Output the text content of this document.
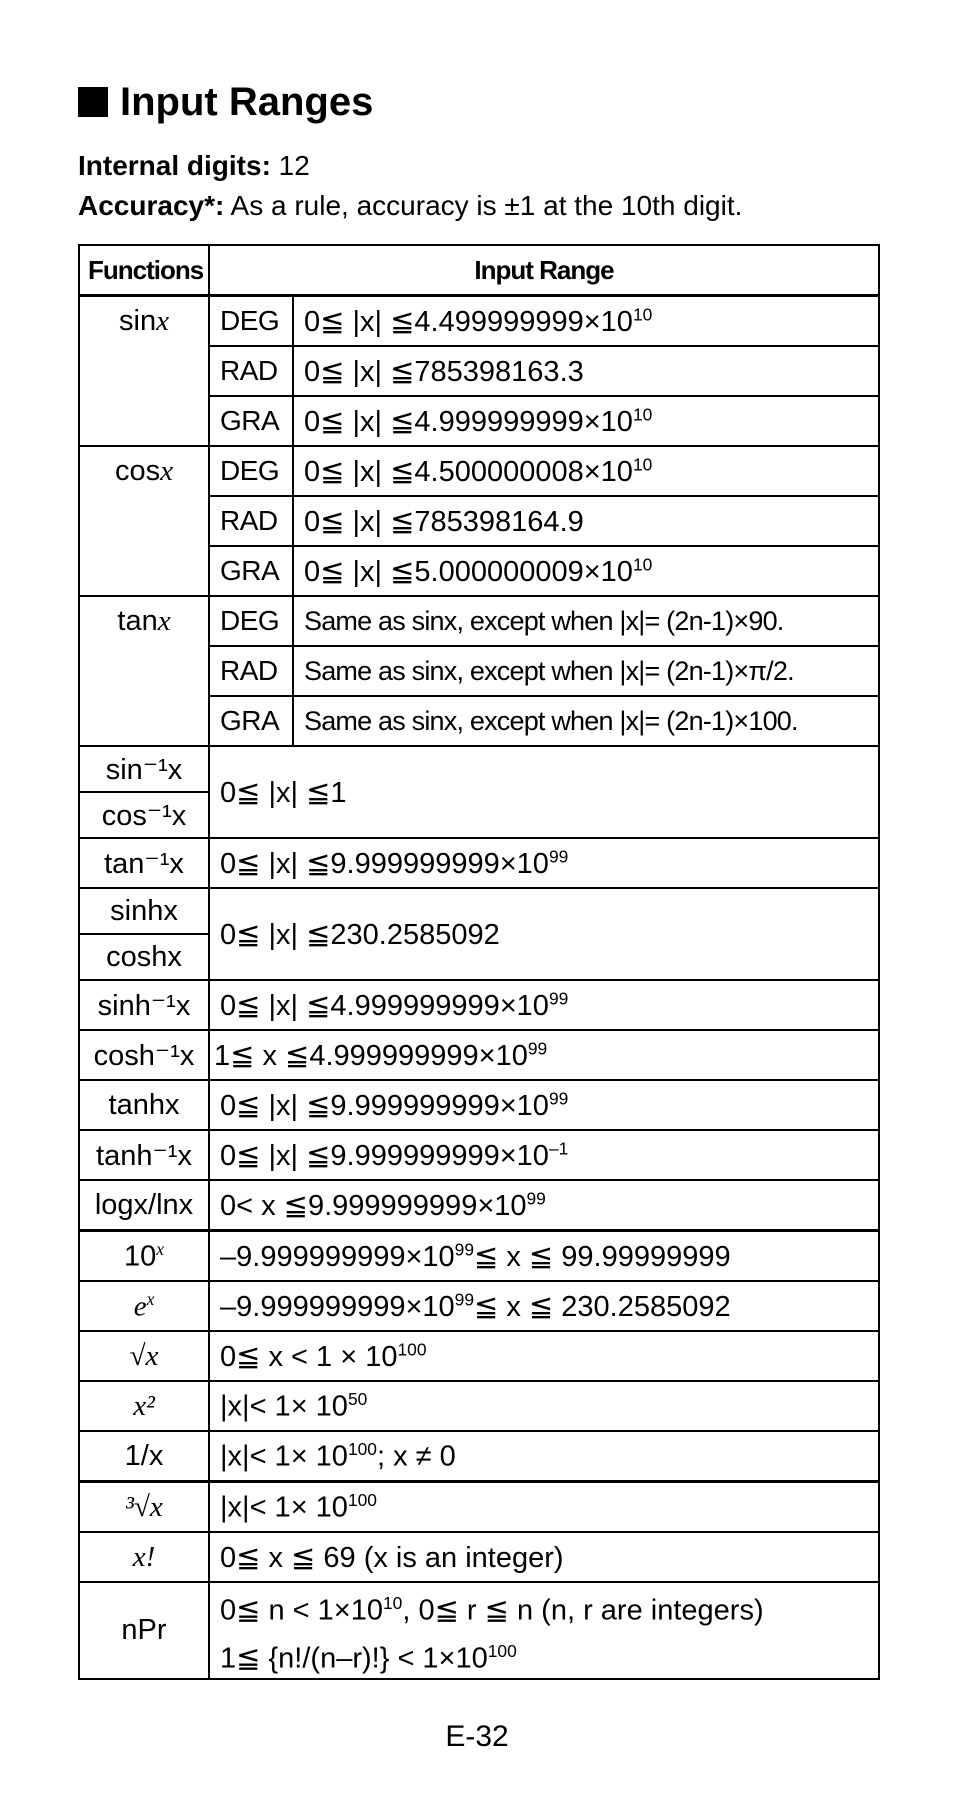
Input Ranges
Internal digits: 12
Accuracy*: As a rule, accuracy is ±1 at the 10th digit.
Functions	Input Range	
sinx	DEG	0≦ |x| $≦4.499999999\times 10^{10}$
	RAD	0≦ |x| ≦785398163.3
	GRA	0≦ |x| $≦4.999999999\times 10^{10}$
cosx	DEG	0≦ |x| $≦4.500000008\times 10^{10}$
	RAD	0≦ |x| ≦785398164.9
	GRA	0≦ |x| $≦5.000000009\times 10^{10}$
tanx	DEG	Same as sinx, except when |x|= (2n-1)×90.
	RAD	Same as sinx, except when |x|= (2n-1)×π/2.
	GRA	Same as sinx, except when |x|= (2n-1)×100.
sin⁻¹x	0≦ |x| ≦1	
cos⁻¹x		
tan⁻¹x	0≦ |x| $≦9.999999999\times 10^{99}$
sinhx	0≦ |x| ≦230.2585092	
coshx		
sinh⁻¹x	0≦ |x| $≦4.999999999\times 10^{99}$
cosh⁻¹x	1≦ x $≦4.999999999\times 10^{99}$
tanhx	0≦ |x| $≦9.999999999\times 10^{99}$
tanh⁻¹x	0≦ |x| $≦9.999999999\times 10^{-1}$
logx/lnx	0< x $≦9.999999999\times 10^{99}$
10$^x$	$-9.999999999\times 10^{99}≦$ x ≦ 99.99999999	
$e^x$	$-9.999999999\times 10^{99}≦$ x ≦ 230.2585092	
√x	0≦ $x < 1 \times 10^{100}$
x²	$|x|< 1\times 10^{50}$
1/x	$|x|< 1\times 10^{100}$; x ≠ 0	
³√x	$|x|< 1\times 10^{100}$
x!	0≦ x ≦ 69 (x is an integer)	
nPr	0≦ $n < 1\times 10^{10}$, 0≦ r ≦ n (n, r are integers)
1≦ $\{n!/(n-r)!\} < 1\times 10^{100}$
E-32
